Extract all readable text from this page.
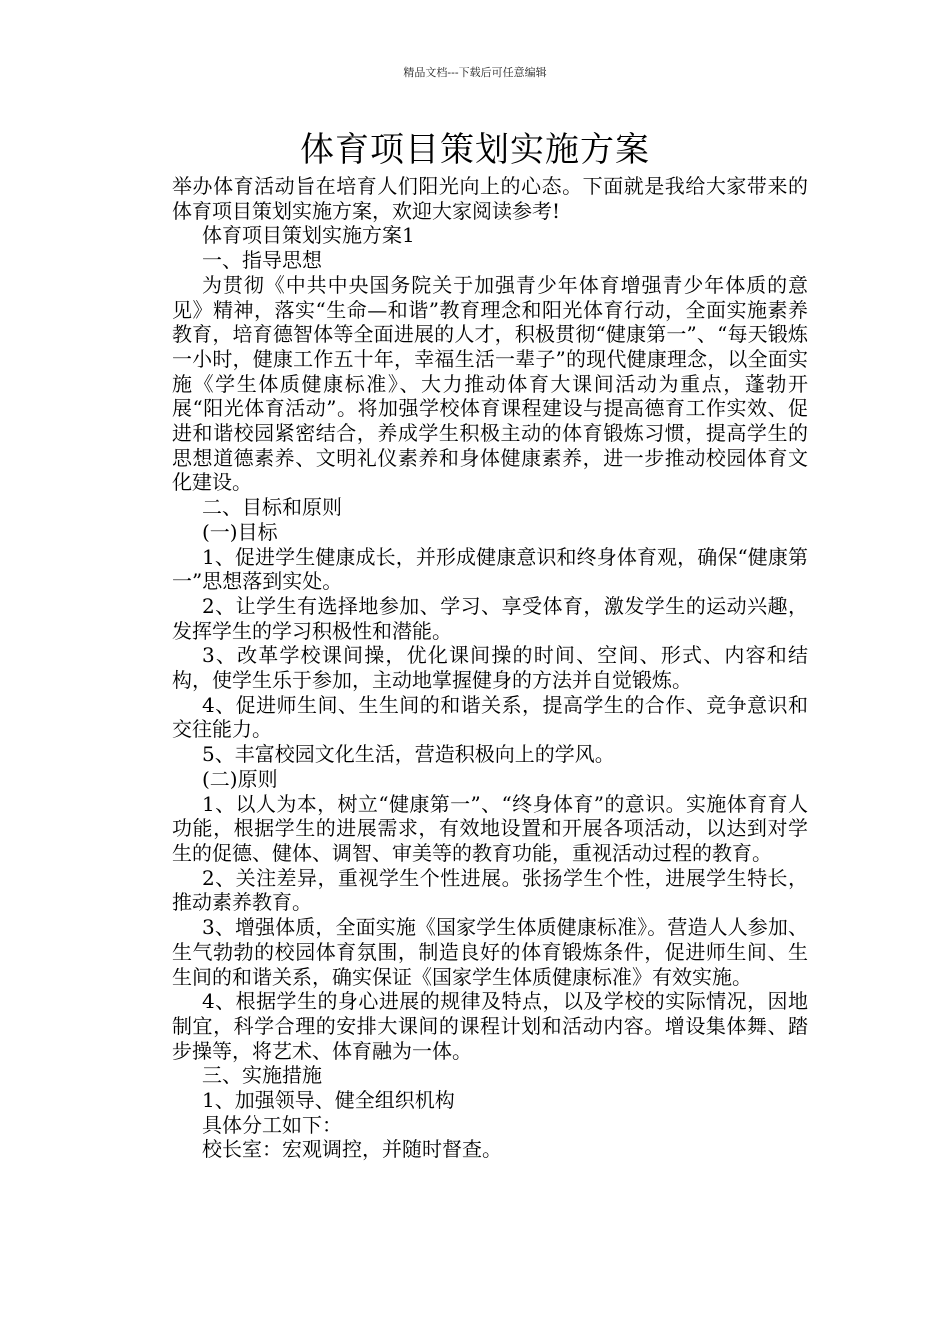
精品文档---下载后可任意编辑
体育项目策划实施方案

举办体育活动旨在培育人们阳光向上的心态。下面就是我给大家带来的体育项目策划实施方案，欢迎大家阅读参考!

体育项目策划实施方案1

一、指导思想

为贯彻《中共中央国务院关于加强青少年体育增强青少年体质的意见》精神，落实“生命—和谐”教育理念和阳光体育行动，全面实施素养教育，培育德智体等全面进展的人才，积极贯彻“健康第一”、“每天锻炼一小时，健康工作五十年，幸福生活一辈子”的现代健康理念，以全面实施《学生体质健康标准》、大力推动体育大课间活动为重点，蓬勃开展“阳光体育活动”。将加强学校体育课程建设与提高德育工作实效、促进和谐校园紧密结合，养成学生积极主动的体育锻炼习惯，提高学生的思想道德素养、文明礼仪素养和身体健康素养，进一步推动校园体育文化建设。

二、目标和原则

(一)目标

1、促进学生健康成长，并形成健康意识和终身体育观，确保“健康第一”思想落到实处。

2、让学生有选择地参加、学习、享受体育，激发学生的运动兴趣，发挥学生的学习积极性和潜能。

3、改革学校课间操，优化课间操的时间、空间、形式、内容和结构，使学生乐于参加，主动地掌握健身的方法并自觉锻炼。

4、促进师生间、生生间的和谐关系，提高学生的合作、竞争意识和交往能力。

5、丰富校园文化生活，营造积极向上的学风。

(二)原则

1、以人为本，树立“健康第一”、“终身体育”的意识。实施体育育人功能，根据学生的进展需求，有效地设置和开展各项活动，以达到对学生的促德、健体、调智、审美等的教育功能，重视活动过程的教育。

2、关注差异，重视学生个性进展。张扬学生个性，进展学生特长，推动素养教育。

3、增强体质，全面实施《国家学生体质健康标准》。营造人人参加、生气勃勃的校园体育氛围，制造良好的体育锻炼条件，促进师生间、生生间的和谐关系，确实保证《国家学生体质健康标准》有效实施。

4、根据学生的身心进展的规律及特点，以及学校的实际情况，因地制宜，科学合理的安排大课间的课程计划和活动内容。增设集体舞、踏步操等，将艺术、体育融为一体。

三、实施措施

1、加强领导、健全组织机构

具体分工如下：

校长室：宏观调控，并随时督查。
